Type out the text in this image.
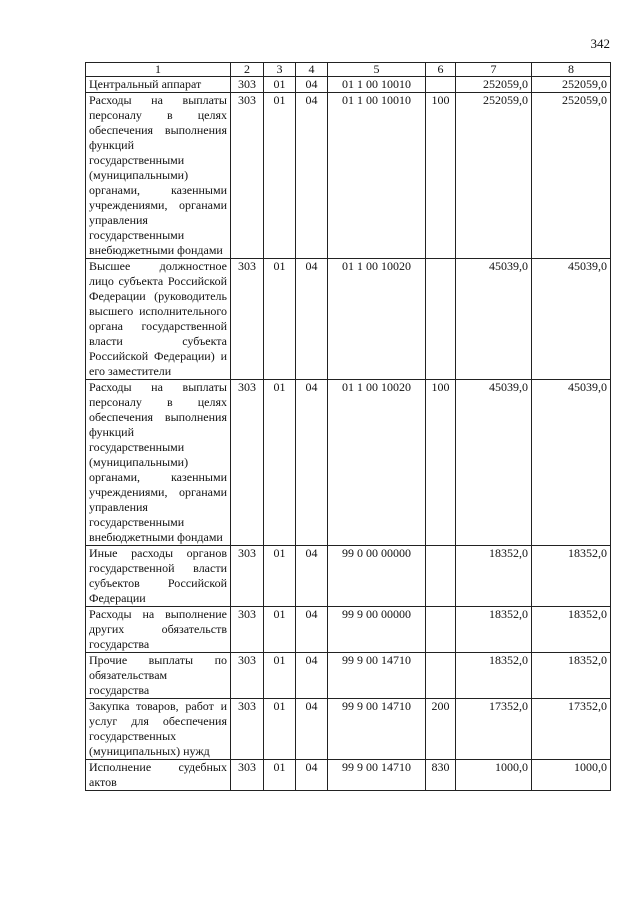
342
1	2	3	4	5	6	7	8
Центральный аппарат	303	01	04	01 1 00 10010		252059,0	252059,0
Расходы на выплаты персоналу в целях обеспечения выполнения функций государственными (муниципальными) органами, казенными учреждениями, органами управления государственными внебюджетными фондами	303	01	04	01 1 00 10010	100	252059,0	252059,0
Высшее должностное лицо субъекта Российской Федерации (руководитель высшего исполнительного органа государственной власти субъекта Российской Федерации) и его заместители	303	01	04	01 1 00 10020		45039,0	45039,0
Расходы на выплаты персоналу в целях обеспечения выполнения функций государственными (муниципальными) органами, казенными учреждениями, органами управления государственными внебюджетными фондами	303	01	04	01 1 00 10020	100	45039,0	45039,0
Иные расходы органов государственной власти субъектов Российской Федерации	303	01	04	99 0 00 00000		18352,0	18352,0
Расходы на выполнение других обязательств государства	303	01	04	99 9 00 00000		18352,0	18352,0
Прочие выплаты по обязательствам государства	303	01	04	99 9 00 14710		18352,0	18352,0
Закупка товаров, работ и услуг для обеспечения государственных (муниципальных) нужд	303	01	04	99 9 00 14710	200	17352,0	17352,0
Исполнение судебных актов	303	01	04	99 9 00 14710	830	1000,0	1000,0
